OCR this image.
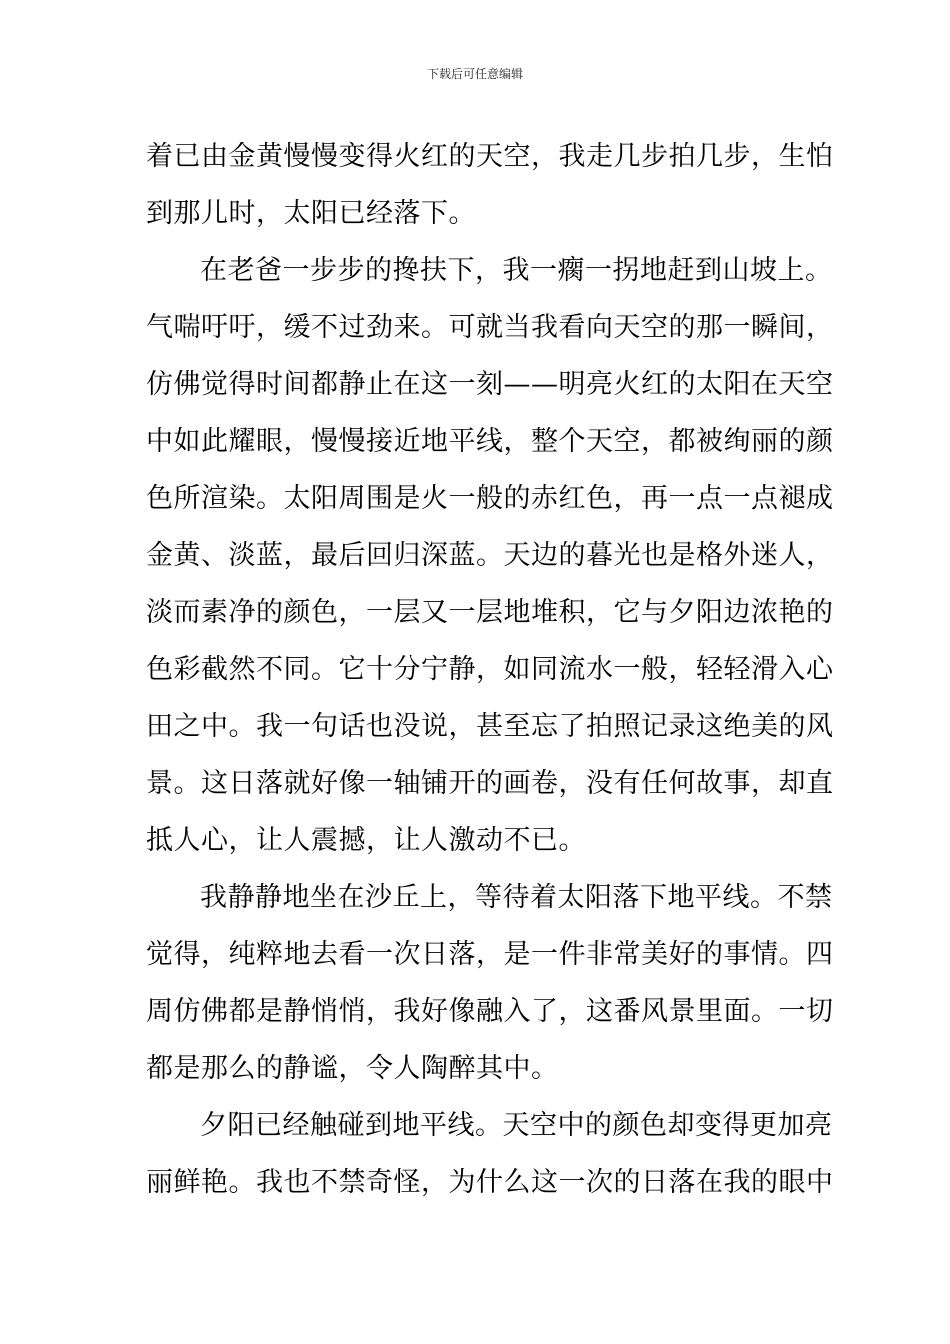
下载后可任意编辑
着已由金黄慢慢变得火红的天空，我走几步拍几步，生怕
到那儿时，太阳已经落下。
在老爸一步步的搀扶下，我一瘸一拐地赶到山坡上。
气喘吁吁，缓不过劲来。可就当我看向天空的那一瞬间，
仿佛觉得时间都静止在这一刻——明亮火红的太阳在天空
中如此耀眼，慢慢接近地平线，整个天空，都被绚丽的颜
色所渲染。太阳周围是火一般的赤红色，再一点一点褪成
金黄、淡蓝，最后回归深蓝。天边的暮光也是格外迷人，
淡而素净的颜色，一层又一层地堆积，它与夕阳边浓艳的
色彩截然不同。它十分宁静，如同流水一般，轻轻滑入心
田之中。我一句话也没说，甚至忘了拍照记录这绝美的风
景。这日落就好像一轴铺开的画卷，没有任何故事，却直
抵人心，让人震撼，让人激动不已。
我静静地坐在沙丘上，等待着太阳落下地平线。不禁
觉得，纯粹地去看一次日落，是一件非常美好的事情。四
周仿佛都是静悄悄，我好像融入了，这番风景里面。一切
都是那么的静谧，令人陶醉其中。
夕阳已经触碰到地平线。天空中的颜色却变得更加亮
丽鲜艳。我也不禁奇怪，为什么这一次的日落在我的眼中
